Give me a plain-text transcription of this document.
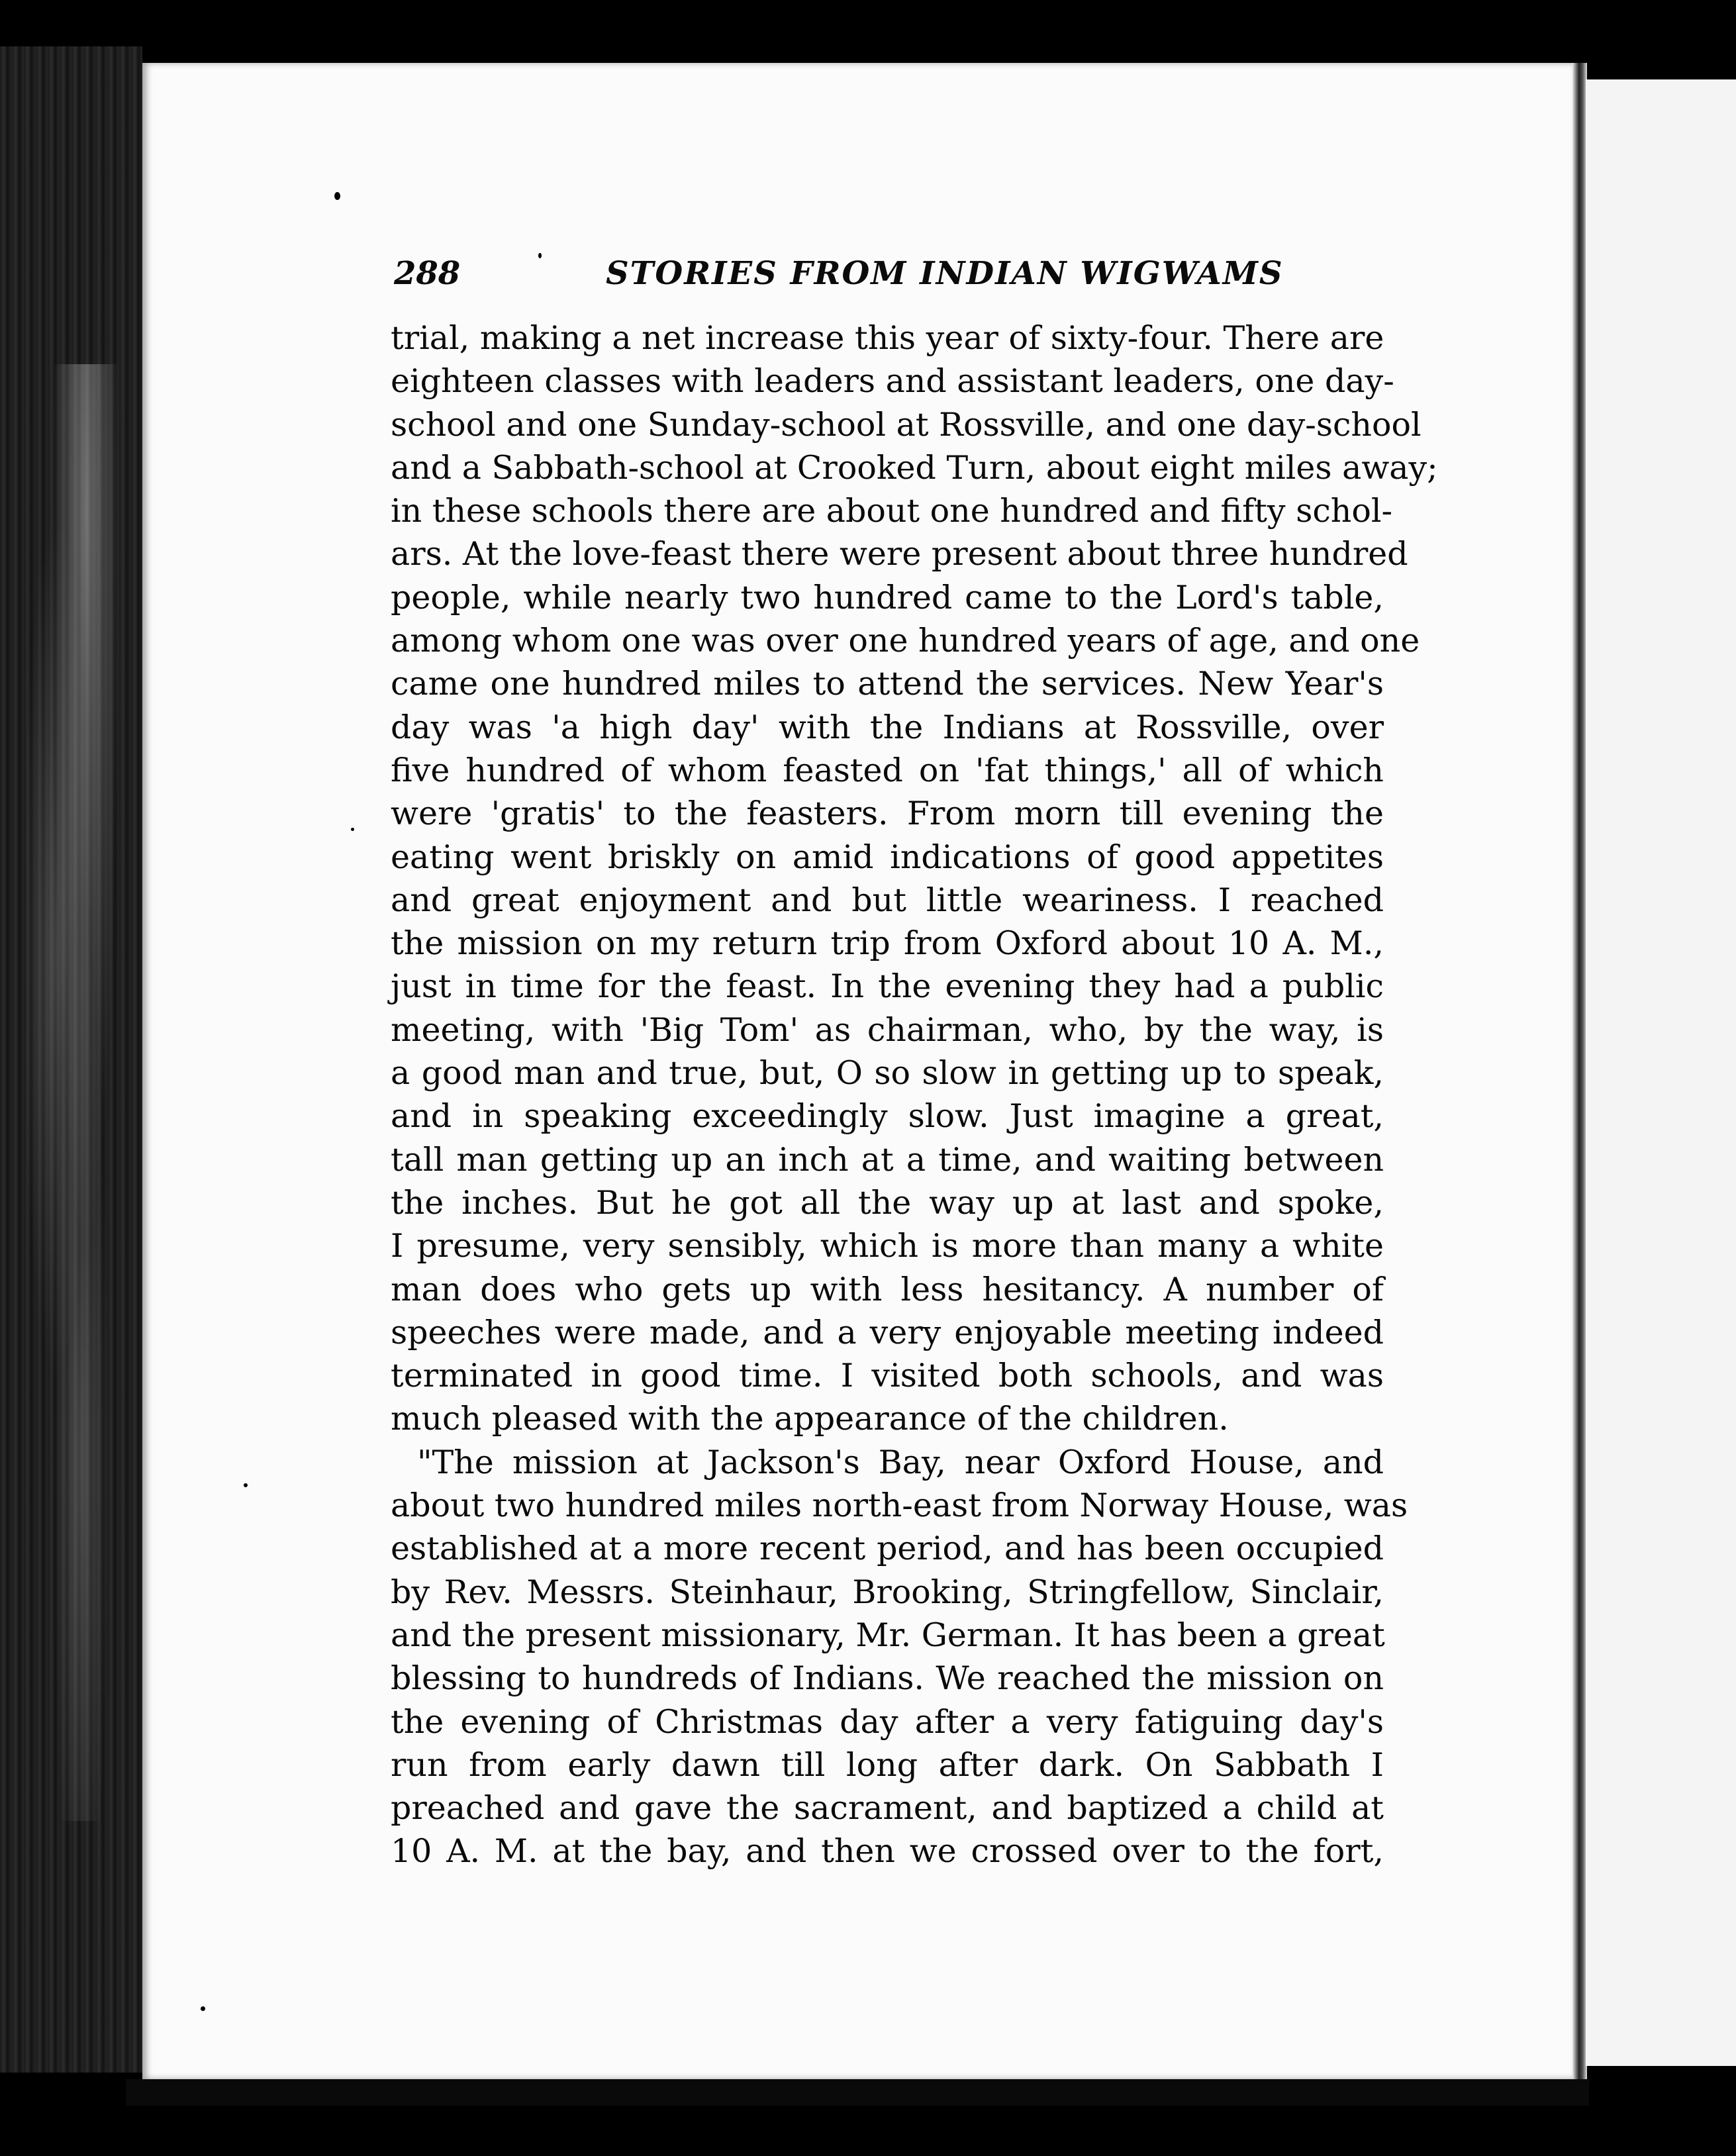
288	STORIES FROM INDIAN WIGWAMS
trial, making a net increase this year of sixty-four. There are
eighteen classes with leaders and assistant leaders, one day-
school and one Sunday-school at Rossville, and one day-school
and a Sabbath-school at Crooked Turn, about eight miles away;
in these schools there are about one hundred and fifty schol-
ars. At the love-feast there were present about three hundred
people, while nearly two hundred came to the Lord's table,
among whom one was over one hundred years of age, and one
came one hundred miles to attend the services. New Year's
day was 'a high day' with the Indians at Rossville, over
five hundred of whom feasted on 'fat things,' all of which
were 'gratis' to the feasters. From morn till evening the
eating went briskly on amid indications of good appetites
and great enjoyment and but little weariness. I reached
the mission on my return trip from Oxford about 10 A. M.,
just in time for the feast. In the evening they had a public
meeting, with 'Big Tom' as chairman, who, by the way, is
a good man and true, but, O so slow in getting up to speak,
and in speaking exceedingly slow. Just imagine a great,
tall man getting up an inch at a time, and waiting between
the inches. But he got all the way up at last and spoke,
I presume, very sensibly, which is more than many a white
man does who gets up with less hesitancy. A number of
speeches were made, and a very enjoyable meeting indeed
terminated in good time. I visited both schools, and was
much pleased with the appearance of the children.
"The mission at Jackson's Bay, near Oxford House, and
about two hundred miles north-east from Norway House, was
established at a more recent period, and has been occupied
by Rev. Messrs. Steinhaur, Brooking, Stringfellow, Sinclair,
and the present missionary, Mr. German. It has been a great
blessing to hundreds of Indians. We reached the mission on
the evening of Christmas day after a very fatiguing day's
run from early dawn till long after dark. On Sabbath I
preached and gave the sacrament, and baptized a child at
10 A. M. at the bay, and then we crossed over to the fort,
